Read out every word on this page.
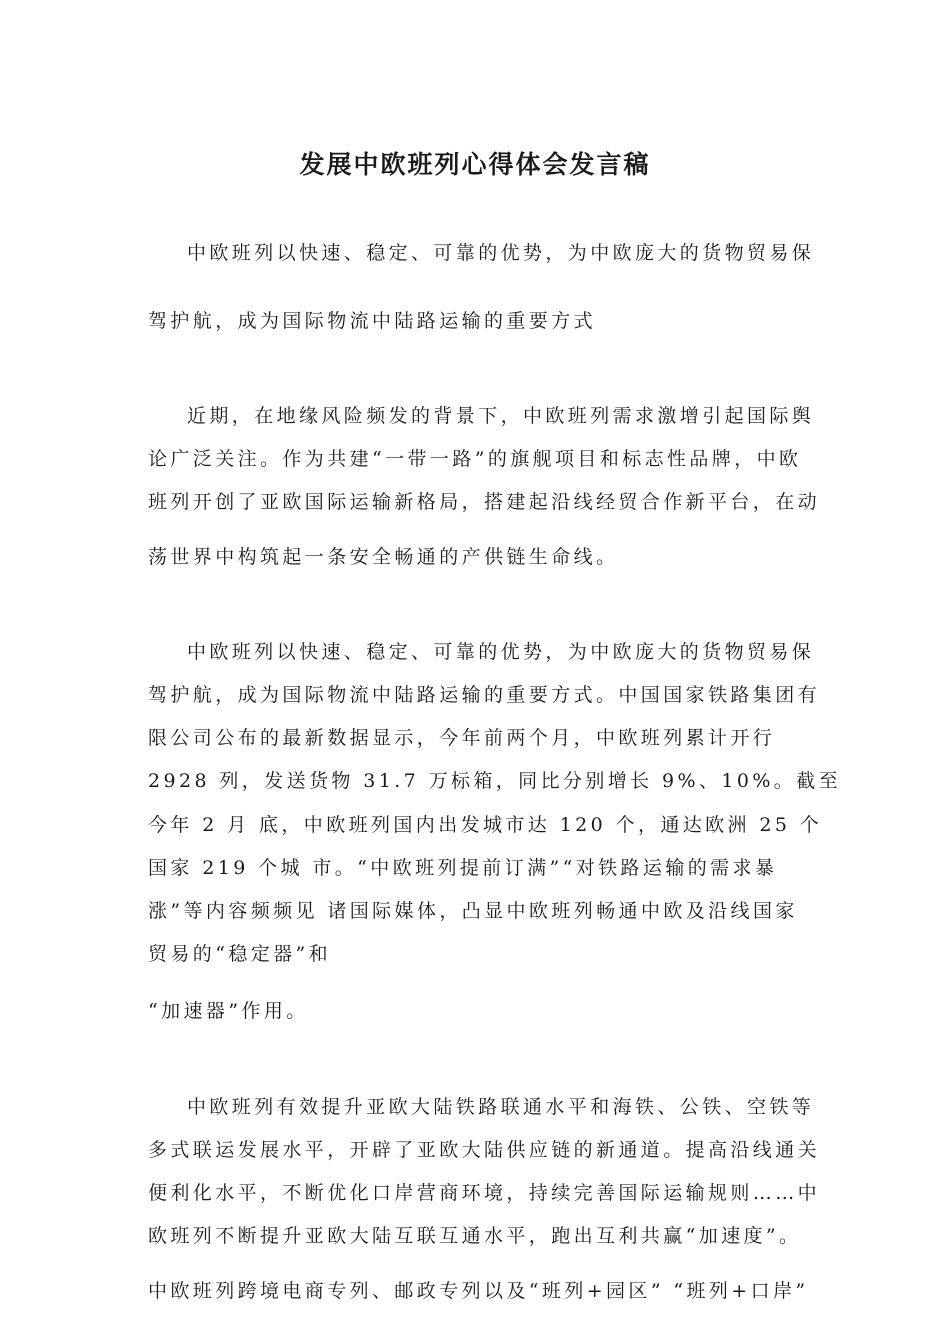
发展中欧班列心得体会发言稿
中欧班列以快速、稳定、可靠的优势，为中欧庞大的货物贸易保
驾护航，成为国际物流中陆路运输的重要方式
近期，在地缘风险频发的背景下，中欧班列需求激增引起国际舆
论广泛关注。作为共建“一带一路”的旗舰项目和标志性品牌，中欧
班列开创了亚欧国际运输新格局，搭建起沿线经贸合作新平台，在动
荡世界中构筑起一条安全畅通的产供链生命线。
中欧班列以快速、稳定、可靠的优势，为中欧庞大的货物贸易保
驾护航，成为国际物流中陆路运输的重要方式。中国国家铁路集团有
限公司公布的最新数据显示，今年前两个月，中欧班列累计开行
2928 列，发送货物 31.7 万标箱，同比分别增长 9%、10%。截至
今年 2 月 底，中欧班列国内出发城市达 120 个，通达欧洲 25 个
国家 219 个城 市。“中欧班列提前订满”“对铁路运输的需求暴
涨”等内容频频见 诸国际媒体，凸显中欧班列畅通中欧及沿线国家
贸易的“稳定器”和
“加速器”作用。
中欧班列有效提升亚欧大陆铁路联通水平和海铁、公铁、空铁等
多式联运发展水平，开辟了亚欧大陆供应链的新通道。提高沿线通关
便利化水平，不断优化口岸营商环境，持续完善国际运输规则……中
欧班列不断提升亚欧大陆互联互通水平，跑出互利共赢“加速度”。
中欧班列跨境电商专列、邮政专列以及“班列+园区” “班列+口岸”
